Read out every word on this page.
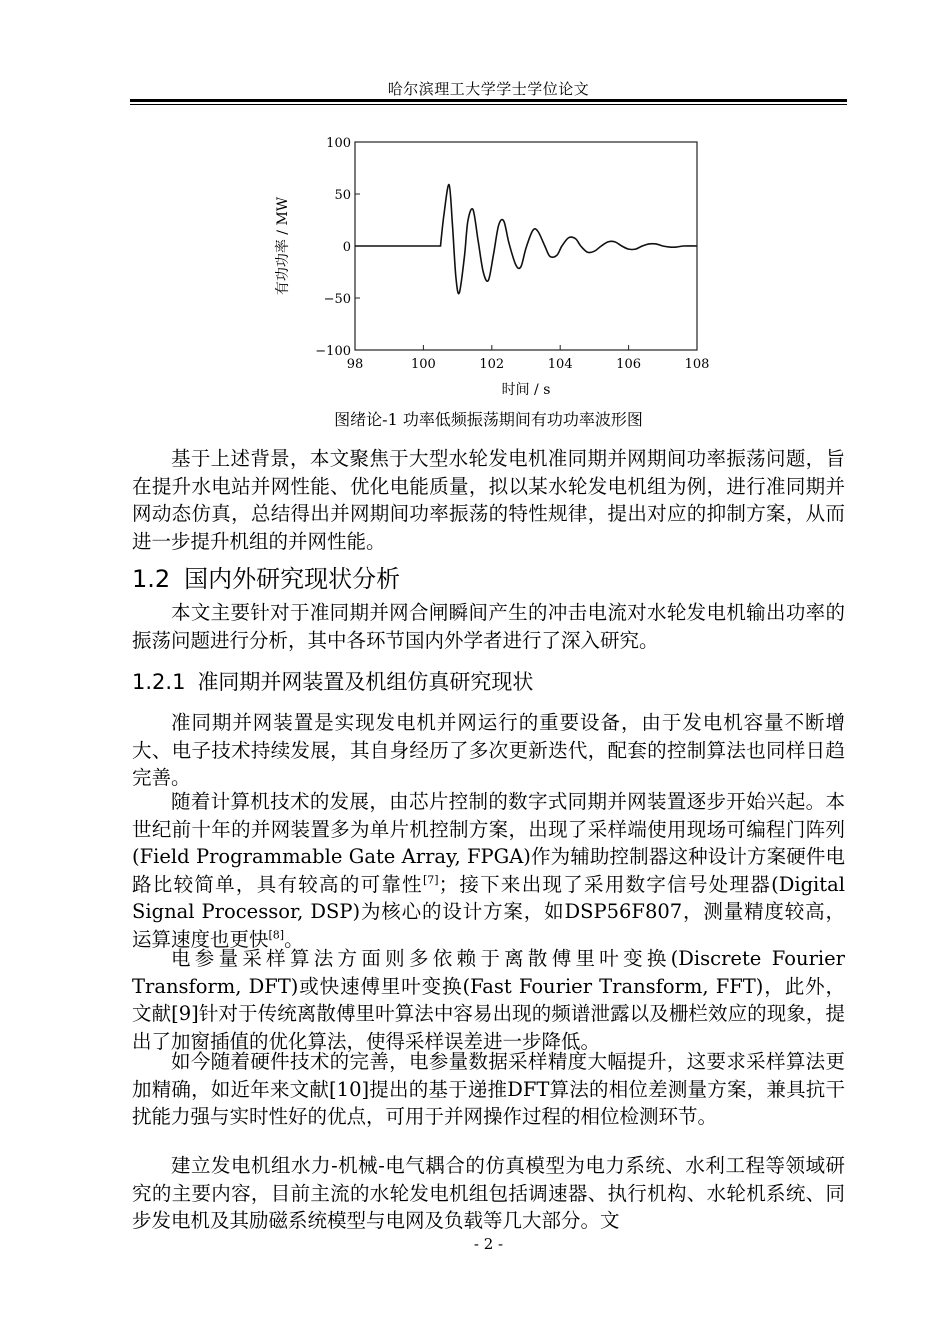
哈尔滨理工大学学士学位论文
98	100	102	104	106	108
100
50
0
−50
−100
时间 / s
有功功率 / MW
图绪论-1 功率低频振荡期间有功功率波形图

基于上述背景，本文聚焦于大型水轮发电机准同期并网期间功率振荡问题，旨在提升水电站并网性能、优化电能质量，拟以某水轮发电机组为例，进行准同期并网动态仿真，总结得出并网期间功率振荡的特性规律，提出对应的抑制方案，从而进一步提升机组的并网性能。

1.2 国内外研究现状分析

本文主要针对于准同期并网合闸瞬间产生的冲击电流对水轮发电机输出功率的振荡问题进行分析，其中各环节国内外学者进行了深入研究。

1.2.1 准同期并网装置及机组仿真研究现状

准同期并网装置是实现发电机并网运行的重要设备，由于发电机容量不断增大、电子技术持续发展，其自身经历了多次更新迭代，配套的控制算法也同样日趋完善。

随着计算机技术的发展，由芯片控制的数字式同期并网装置逐步开始兴起。本世纪前十年的并网装置多为单片机控制方案，出现了采样端使用现场可编程门阵列(Field Programmable Gate Array, FPGA)作为辅助控制器这种设计方案硬件电路比较简单，具有较高的可靠性[7]；接下来出现了采用数字信号处理器(Digital Signal Processor, DSP)为核心的设计方案，如DSP56F807，测量精度较高，运算速度也更快[8]。

电参量采样算法方面则多依赖于离散傅里叶变换(Discrete Fourier Transform, DFT)或快速傅里叶变换(Fast Fourier Transform, FFT)，此外，文献[9]针对于传统离散傅里叶算法中容易出现的频谱泄露以及栅栏效应的现象，提出了加窗插值的优化算法，使得采样误差进一步降低。

如今随着硬件技术的完善，电参量数据采样精度大幅提升，这要求采样算法更加精确，如近年来文献[10]提出的基于递推DFT算法的相位差测量方案，兼具抗干扰能力强与实时性好的优点，可用于并网操作过程的相位检测环节。

建立发电机组水力-机械-电气耦合的仿真模型为电力系统、水利工程等领域研究的主要内容，目前主流的水轮发电机组包括调速器、执行机构、水轮机系统、同步发电机及其励磁系统模型与电网及负载等几大部分。文

- 2 -
